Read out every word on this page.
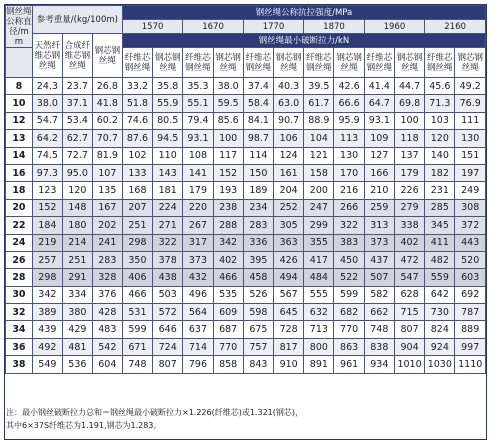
钢丝绳公称直径/mm	参考重量/(kg/100m)			钢丝绳公称抗拉强度/MPa											
				1570		1670		1770		1870		1960		2160	
	天然纤维芯钢丝绳	合成纤维芯钢丝绳	钢芯钢丝绳	钢丝绳最小破断拉力/kN											
				纤维芯钢丝绳	钢芯钢丝绳	纤维芯钢丝绳	钢芯钢丝绳	纤维芯钢丝绳	钢芯钢丝绳	纤维芯钢丝绳	钢芯钢丝绳	纤维芯钢丝绳	钢芯钢丝绳	纤维芯钢丝绳	钢芯钢丝绳
8	24.3	23.7	26.8	33.2	35.8	35.3	38.0	37.4	40.3	39.5	42.6	41.4	44.7	45.6	49.2
10	38.0	37.1	41.8	51.8	55.9	55.1	59.5	58.4	63.0	61.7	66.6	64.7	69.8	71.3	76.9
12	54.7	53.4	60.2	74.6	80.5	79.4	85.6	84.1	90.7	88.9	95.9	93.1	100	103	111
13	64.2	62.7	70.7	87.6	94.5	93.1	100	98.7	106	104	113	109	118	120	130
14	74.5	72.7	81.9	102	110	108	117	114	124	121	130	127	137	140	151
16	97.3	95.0	107	133	143	141	152	150	161	158	170	166	179	182	197
18	123	120	135	168	181	179	193	189	204	200	216	210	226	231	249
20	152	148	167	207	224	220	238	234	252	247	266	259	279	285	308
22	184	180	202	251	271	267	288	283	305	299	322	313	338	345	372
24	219	214	241	298	322	317	342	336	363	355	383	373	402	411	443
26	257	251	283	350	378	373	402	395	426	417	450	437	472	482	520
28	298	291	328	406	438	432	466	458	494	484	522	507	547	559	603
30	342	334	376	466	503	496	535	526	567	555	599	582	628	642	692
32	389	380	428	531	572	564	609	598	645	632	682	662	715	730	787
34	439	429	483	599	646	637	687	675	728	713	770	748	807	824	889
36	492	481	542	671	724	714	770	757	817	800	863	838	904	924	997
38	549	536	604	748	807	796	858	843	910	891	961	934	1010	1030	1110
注：最小钢丝破断拉力总和＝钢丝绳最小破断拉力×1.226(纤维芯)或1.321(钢芯)，
其中6×37S纤维芯为1.191,钢芯为1.283。
